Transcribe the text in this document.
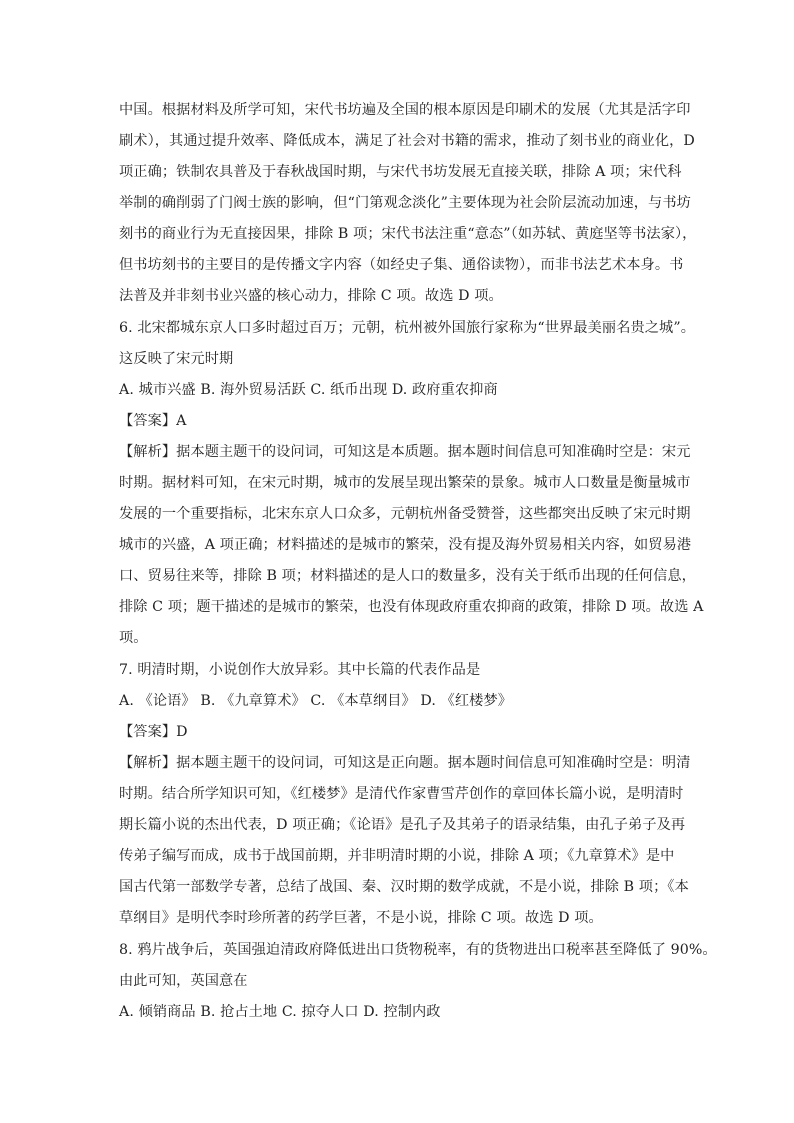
中国。根据材料及所学可知，宋代书坊遍及全国的根本原因是印刷术的发展（尤其是活字印
刷术），其通过提升效率、降低成本，满足了社会对书籍的需求，推动了刻书业的商业化，D
项正确；铁制农具普及于春秋战国时期，与宋代书坊发展无直接关联，排除 A 项；宋代科
举制的确削弱了门阀士族的影响，但“门第观念淡化”主要体现为社会阶层流动加速，与书坊
刻书的商业行为无直接因果，排除 B 项；宋代书法注重“意态”（如苏轼、黄庭坚等书法家），
但书坊刻书的主要目的是传播文字内容（如经史子集、通俗读物），而非书法艺术本身。书
法普及并非刻书业兴盛的核心动力，排除 C 项。故选 D 项。
6. 北宋都城东京人口多时超过百万；元朝，杭州被外国旅行家称为“世界最美丽名贵之城”。
这反映了宋元时期
A. 城市兴盛 B. 海外贸易活跃 C. 纸币出现 D. 政府重农抑商
【答案】A
【解析】据本题主题干的设问词，可知这是本质题。据本题时间信息可知准确时空是：宋元
时期。据材料可知，在宋元时期，城市的发展呈现出繁荣的景象。城市人口数量是衡量城市
发展的一个重要指标，北宋东京人口众多，元朝杭州备受赞誉，这些都突出反映了宋元时期
城市的兴盛，A 项正确；材料描述的是城市的繁荣，没有提及海外贸易相关内容，如贸易港
口、贸易往来等，排除 B 项；材料描述的是人口的数量多，没有关于纸币出现的任何信息，
排除 C 项；题干描述的是城市的繁荣，也没有体现政府重农抑商的政策，排除 D 项。故选 A
项。
7. 明清时期，小说创作大放异彩。其中长篇的代表作品是
A. 《论语》 B. 《九章算术》 C. 《本草纲目》 D. 《红楼梦》
【答案】D
【解析】据本题主题干的设问词，可知这是正向题。据本题时间信息可知准确时空是：明清
时期。结合所学知识可知，《红楼梦》是清代作家曹雪芹创作的章回体长篇小说，是明清时
期长篇小说的杰出代表，D 项正确；《论语》是孔子及其弟子的语录结集，由孔子弟子及再
传弟子编写而成，成书于战国前期，并非明清时期的小说，排除 A 项；《九章算术》是中
国古代第一部数学专著，总结了战国、秦、汉时期的数学成就，不是小说，排除 B 项；《本
草纲目》是明代李时珍所著的药学巨著，不是小说，排除 C 项。故选 D 项。
8. 鸦片战争后，英国强迫清政府降低进出口货物税率，有的货物进出口税率甚至降低了 90%。
由此可知，英国意在
A. 倾销商品 B. 抢占土地 C. 掠夺人口 D. 控制内政
